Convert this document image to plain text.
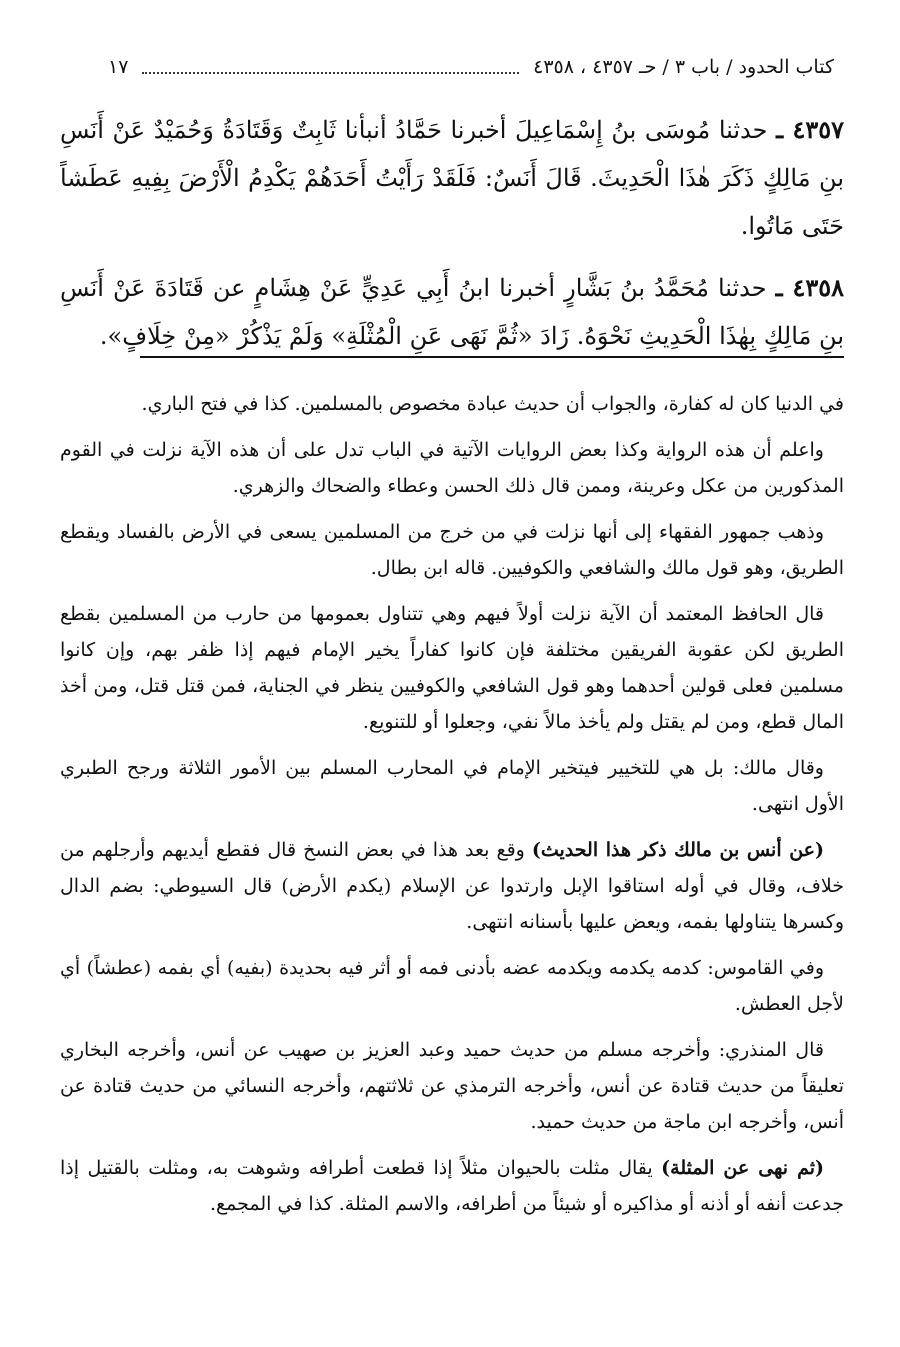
كتاب الحدود / باب ٣ / حـ ٤٣٥٧ ، ٤٣٥٨
١٧

٤٣٥٧ ـ حدثنا مُوسَى بنُ إِسْمَاعِيلَ أخبرنا حَمَّادُ أنبأنا ثَابِتٌ وَقَتَادَةُ وَحُمَيْدٌ عَنْ أَنَسِ بنِ مَالِكٍ ذَكَرَ هٰذَا الْحَدِيثَ. قَالَ أَنَسٌ: فَلَقَدْ رَأَيْتُ أَحَدَهُمْ يَكْدِمُ الْأَرْضَ بِفِيهِ عَطَشاً حَتَى مَاتُوا.

٤٣٥٨ ـ حدثنا مُحَمَّدُ بنُ بَشَّارٍ أخبرنا ابنُ أَبِي عَدِيٍّ عَنْ هِشَامٍ عن قَتَادَةَ عَنْ أَنَسِ بنِ مَالِكٍ بِهٰذَا الْحَدِيثِ نَحْوَهُ. زَادَ «ثُمَّ نَهَى عَنِ الْمُثْلَةِ» وَلَمْ يَذْكُرْ «مِنْ خِلَافٍ».

في الدنيا كان له كفارة، والجواب أن حديث عبادة مخصوص بالمسلمين. كذا في فتح الباري.

واعلم أن هذه الرواية وكذا بعض الروايات الآتية في الباب تدل على أن هذه الآية نزلت في القوم المذكورين من عكل وعرينة، وممن قال ذلك الحسن وعطاء والضحاك والزهري.

وذهب جمهور الفقهاء إلى أنها نزلت في من خرج من المسلمين يسعى في الأرض بالفساد ويقطع الطريق، وهو قول مالك والشافعي والكوفيين. قاله ابن بطال.

قال الحافظ المعتمد أن الآية نزلت أولاً فيهم وهي تتناول بعمومها من حارب من المسلمين بقطع الطريق لكن عقوبة الفريقين مختلفة فإن كانوا كفاراً يخير الإمام فيهم إذا ظفر بهم، وإن كانوا مسلمين فعلى قولين أحدهما وهو قول الشافعي والكوفيين ينظر في الجناية، فمن قتل قتل، ومن أخذ المال قطع، ومن لم يقتل ولم يأخذ مالاً نفي، وجعلوا أو للتنويع.

وقال مالك: بل هي للتخيير فيتخير الإمام في المحارب المسلم بين الأمور الثلاثة ورجح الطبري الأول انتهى.

(عن أنس بن مالك ذكر هذا الحديث) وقع بعد هذا في بعض النسخ قال فقطع أيديهم وأرجلهم من خلاف، وقال في أوله استاقوا الإبل وارتدوا عن الإسلام (يكدم الأرض) قال السيوطي: بضم الدال وكسرها يتناولها بفمه، ويعض عليها بأسنانه انتهى.

وفي القاموس: كدمه يكدمه ويكدمه عضه بأدنى فمه أو أثر فيه بحديدة (بفيه) أي بفمه (عطشاً) أي لأجل العطش.

قال المنذري: وأخرجه مسلم من حديث حميد وعبد العزيز بن صهيب عن أنس، وأخرجه البخاري تعليقاً من حديث قتادة عن أنس، وأخرجه الترمذي عن ثلاثتهم، وأخرجه النسائي من حديث قتادة عن أنس، وأخرجه ابن ماجة من حديث حميد.

(ثم نهى عن المثلة) يقال مثلت بالحيوان مثلاً إذا قطعت أطرافه وشوهت به، ومثلت بالقتيل إذا جدعت أنفه أو أذنه أو مذاكيره أو شيئاً من أطرافه، والاسم المثلة. كذا في المجمع.
